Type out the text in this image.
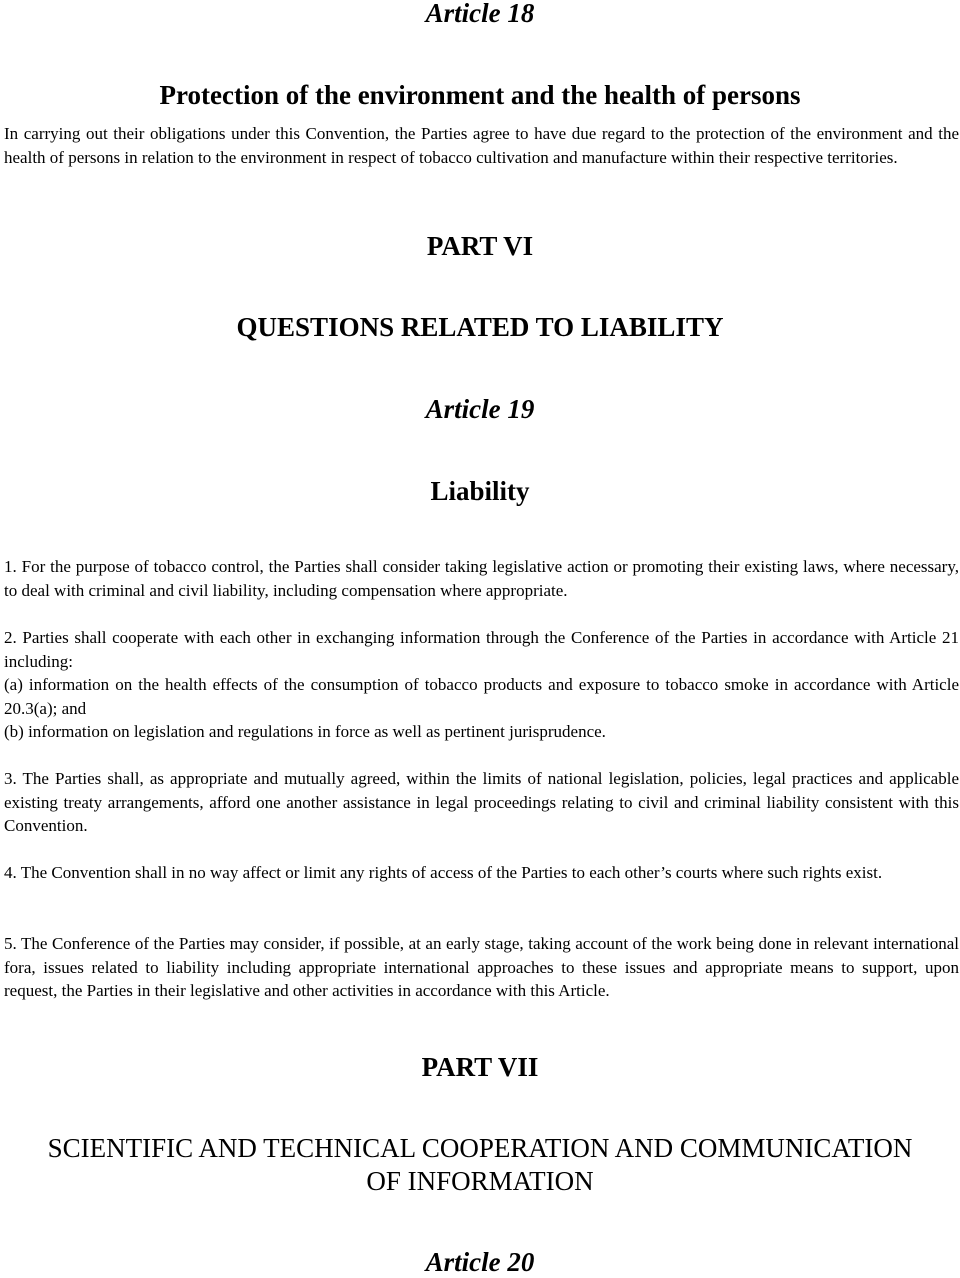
Article 18
Protection of the environment and the health of persons

In carrying out their obligations under this Convention, the Parties agree to have due regard to the protection of the environment and the health of persons in relation to the environment in respect of tobacco cultivation and manufacture within their respective territories.

PART VI
QUESTIONS RELATED TO LIABILITY
Article 19
Liability

1. For the purpose of tobacco control, the Parties shall consider taking legislative action or promoting their existing laws, where necessary, to deal with criminal and civil liability, including compensation where appropriate.

2. Parties shall cooperate with each other in exchanging information through the Conference of the Parties in accordance with Article 21 including:
(a) information on the health effects of the consumption of tobacco products and exposure to tobacco smoke in accordance with Article 20.3(a); and
(b) information on legislation and regulations in force as well as pertinent jurisprudence.

3. The Parties shall, as appropriate and mutually agreed, within the limits of national legislation, policies, legal practices and applicable existing treaty arrangements, afford one another assistance in legal proceedings relating to civil and criminal liability consistent with this Convention.

4. The Convention shall in no way affect or limit any rights of access of the Parties to each other’s courts where such rights exist.

5. The Conference of the Parties may consider, if possible, at an early stage, taking account of the work being done in relevant international fora, issues related to liability including appropriate international approaches to these issues and appropriate means to support, upon request, the Parties in their legislative and other activities in accordance with this Article.

PART VII
SCIENTIFIC AND TECHNICAL COOPERATION AND COMMUNICATION
OF INFORMATION
Article 20
